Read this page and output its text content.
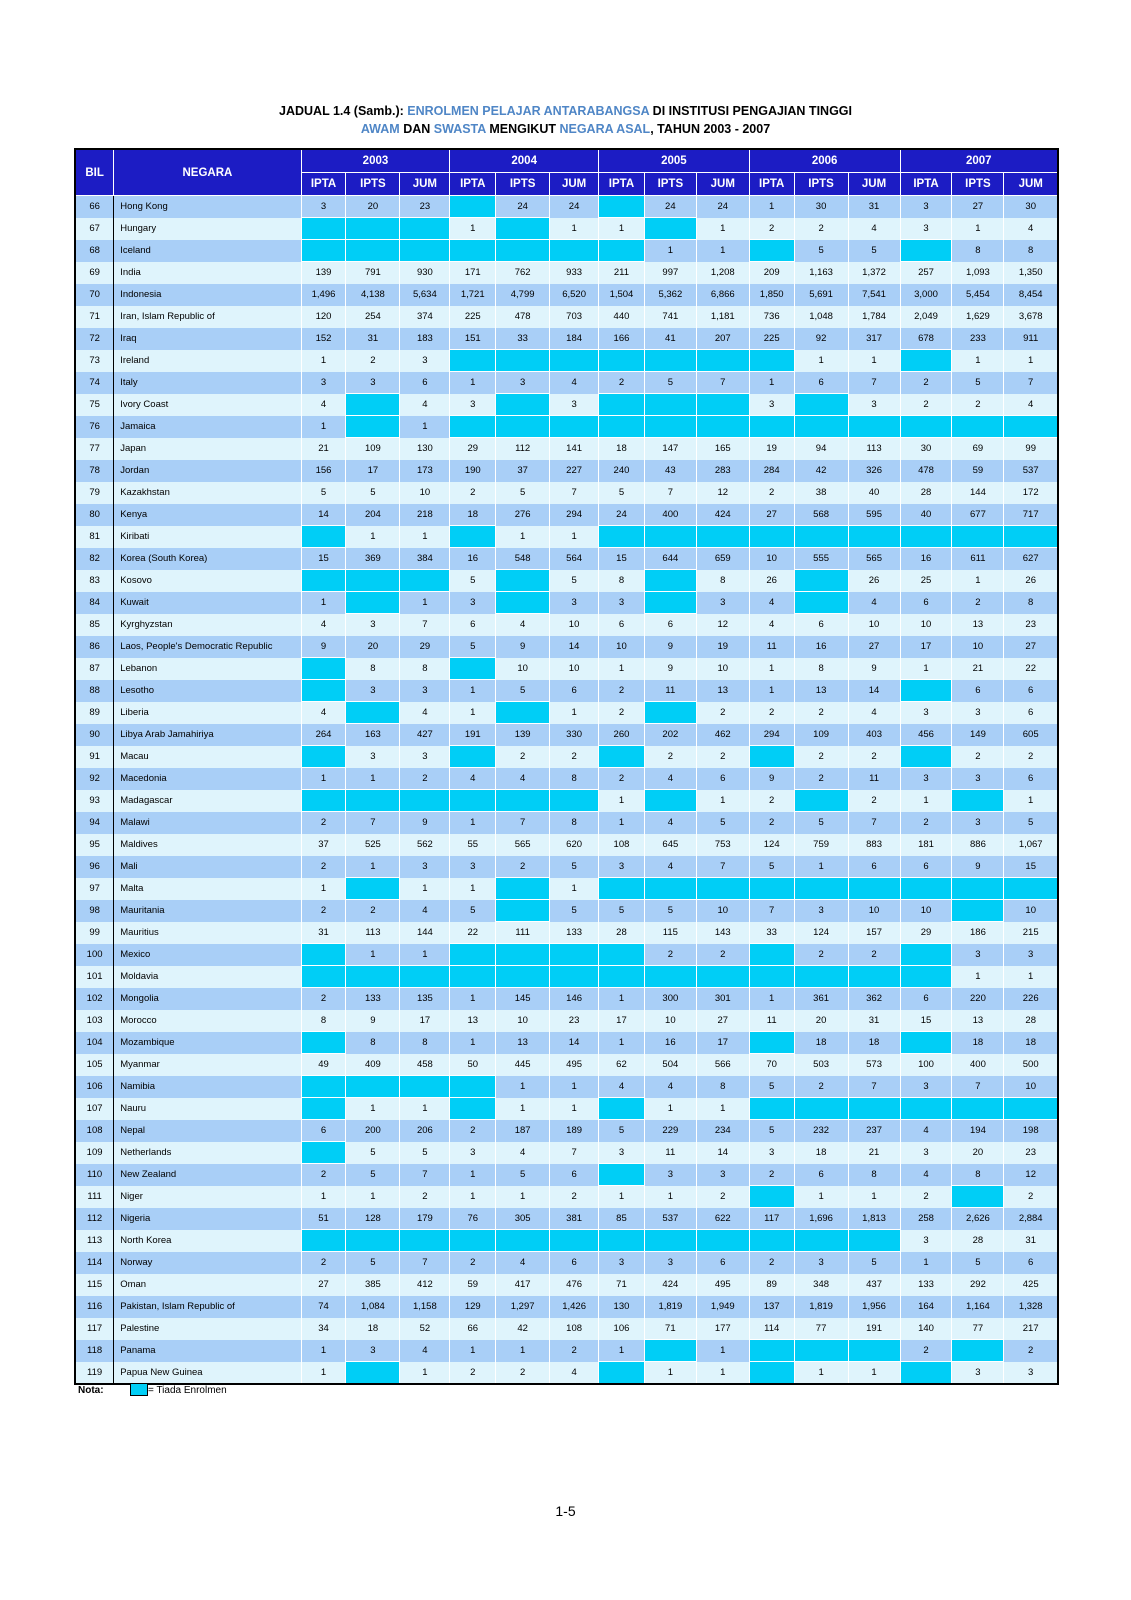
JADUAL 1.4 (Samb.): ENROLMEN PELAJAR ANTARABANGSA DI INSTITUSI PENGAJIAN TINGGI
AWAM DAN SWASTA MENGIKUT NEGARA ASAL, TAHUN 2003 - 2007
BIL	NEGARA	2003			2004			2005			2006			2007		
		IPTA	IPTS	JUM	IPTA	IPTS	JUM	IPTA	IPTS	JUM	IPTA	IPTS	JUM	IPTA	IPTS	JUM
66	Hong Kong	3	20	23		24	24		24	24	1	30	31	3	27	30
67	Hungary				1		1	1		1	2	2	4	3	1	4
68	Iceland								1	1		5	5		8	8
69	India	139	791	930	171	762	933	211	997	1,208	209	1,163	1,372	257	1,093	1,350
70	Indonesia	1,496	4,138	5,634	1,721	4,799	6,520	1,504	5,362	6,866	1,850	5,691	7,541	3,000	5,454	8,454
71	Iran, Islam Republic of	120	254	374	225	478	703	440	741	1,181	736	1,048	1,784	2,049	1,629	3,678
72	Iraq	152	31	183	151	33	184	166	41	207	225	92	317	678	233	911
73	Ireland	1	2	3								1	1		1	1
74	Italy	3	3	6	1	3	4	2	5	7	1	6	7	2	5	7
75	Ivory Coast	4		4	3		3				3		3	2	2	4
76	Jamaica	1		1												
77	Japan	21	109	130	29	112	141	18	147	165	19	94	113	30	69	99
78	Jordan	156	17	173	190	37	227	240	43	283	284	42	326	478	59	537
79	Kazakhstan	5	5	10	2	5	7	5	7	12	2	38	40	28	144	172
80	Kenya	14	204	218	18	276	294	24	400	424	27	568	595	40	677	717
81	Kiribati		1	1		1	1									
82	Korea (South Korea)	15	369	384	16	548	564	15	644	659	10	555	565	16	611	627
83	Kosovo				5		5	8		8	26		26	25	1	26
84	Kuwait	1		1	3		3	3		3	4		4	6	2	8
85	Kyrghyzstan	4	3	7	6	4	10	6	6	12	4	6	10	10	13	23
86	Laos, People's Democratic Republic	9	20	29	5	9	14	10	9	19	11	16	27	17	10	27
87	Lebanon		8	8		10	10	1	9	10	1	8	9	1	21	22
88	Lesotho		3	3	1	5	6	2	11	13	1	13	14		6	6
89	Liberia	4		4	1		1	2		2	2	2	4	3	3	6
90	Libya Arab Jamahiriya	264	163	427	191	139	330	260	202	462	294	109	403	456	149	605
91	Macau		3	3		2	2		2	2		2	2		2	2
92	Macedonia	1	1	2	4	4	8	2	4	6	9	2	11	3	3	6
93	Madagascar							1		1	2		2	1		1
94	Malawi	2	7	9	1	7	8	1	4	5	2	5	7	2	3	5
95	Maldives	37	525	562	55	565	620	108	645	753	124	759	883	181	886	1,067
96	Mali	2	1	3	3	2	5	3	4	7	5	1	6	6	9	15
97	Malta	1		1	1		1									
98	Mauritania	2	2	4	5		5	5	5	10	7	3	10	10		10
99	Mauritius	31	113	144	22	111	133	28	115	143	33	124	157	29	186	215
100	Mexico		1	1					2	2		2	2		3	3
101	Moldavia														1	1
102	Mongolia	2	133	135	1	145	146	1	300	301	1	361	362	6	220	226
103	Morocco	8	9	17	13	10	23	17	10	27	11	20	31	15	13	28
104	Mozambique		8	8	1	13	14	1	16	17		18	18		18	18
105	Myanmar	49	409	458	50	445	495	62	504	566	70	503	573	100	400	500
106	Namibia					1	1	4	4	8	5	2	7	3	7	10
107	Nauru		1	1		1	1		1	1						
108	Nepal	6	200	206	2	187	189	5	229	234	5	232	237	4	194	198
109	Netherlands		5	5	3	4	7	3	11	14	3	18	21	3	20	23
110	New Zealand	2	5	7	1	5	6		3	3	2	6	8	4	8	12
111	Niger	1	1	2	1	1	2	1	1	2		1	1	2		2
112	Nigeria	51	128	179	76	305	381	85	537	622	117	1,696	1,813	258	2,626	2,884
113	North Korea													3	28	31
114	Norway	2	5	7	2	4	6	3	3	6	2	3	5	1	5	6
115	Oman	27	385	412	59	417	476	71	424	495	89	348	437	133	292	425
116	Pakistan, Islam Republic of	74	1,084	1,158	129	1,297	1,426	130	1,819	1,949	137	1,819	1,956	164	1,164	1,328
117	Palestine	34	18	52	66	42	108	106	71	177	114	77	191	140	77	217
118	Panama	1	3	4	1	1	2	1		1				2		2
119	Papua New Guinea	1		1	2	2	4		1	1		1	1		3	3
Nota:	= Tiada Enrolmen
1-5
